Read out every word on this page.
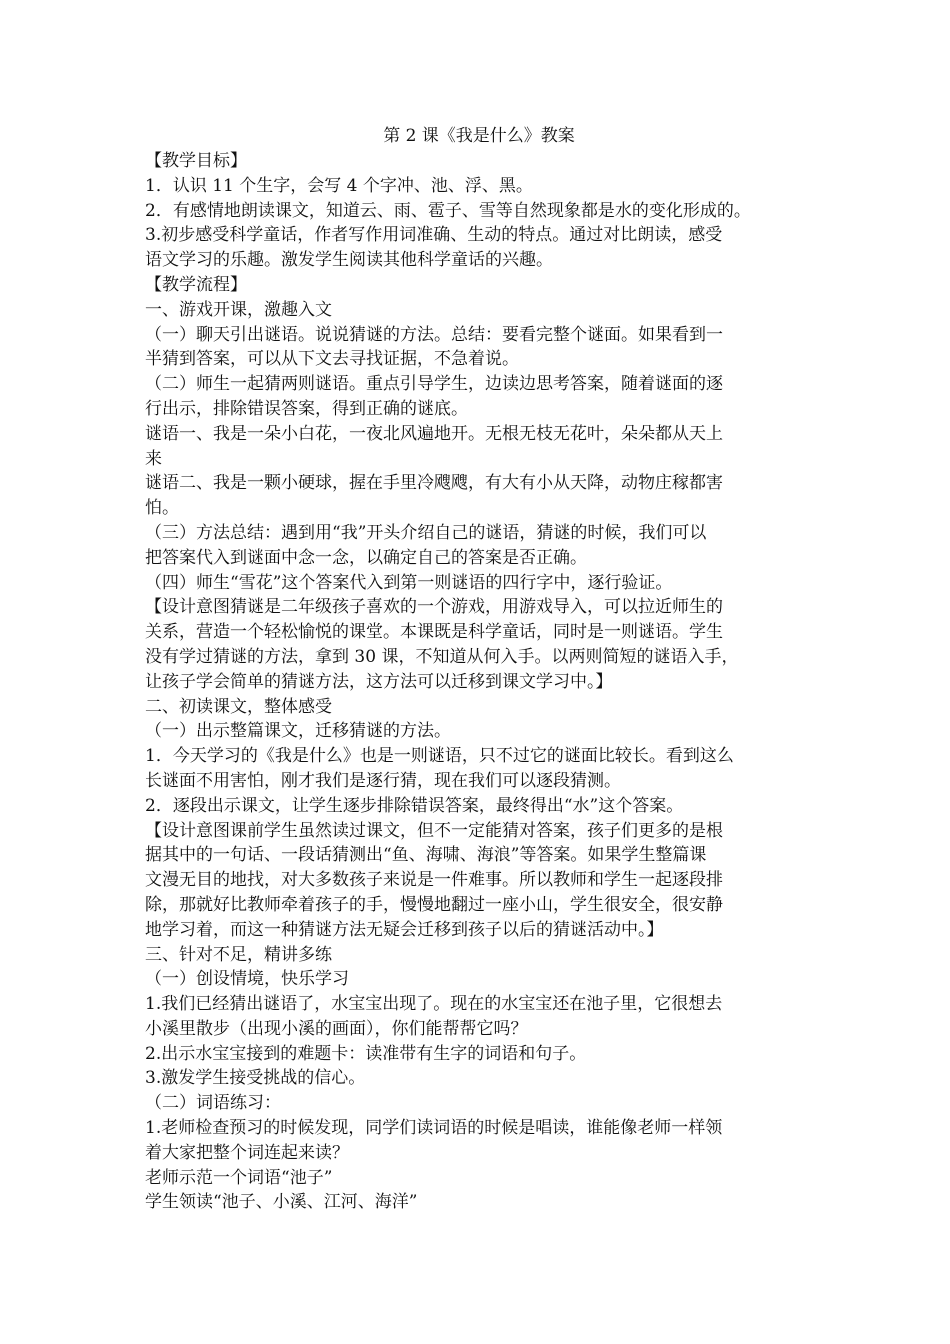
第 2 课《我是什么》教案

【教学目标】

1．认识 11 个生字，会写 4 个字冲、池、浮、黑。

2．有感情地朗读课文，知道云、雨、雹子、雪等自然现象都是水的变化形成的。

3.初步感受科学童话，作者写作用词准确、生动的特点。通过对比朗读，感受

语文学习的乐趣。激发学生阅读其他科学童话的兴趣。

【教学流程】

一、游戏开课，激趣入文

（一）聊天引出谜语。说说猜谜的方法。总结：要看完整个谜面。如果看到一

半猜到答案，可以从下文去寻找证据，不急着说。

（二）师生一起猜两则谜语。重点引导学生，边读边思考答案，随着谜面的逐

行出示，排除错误答案，得到正确的谜底。

谜语一、我是一朵小白花，一夜北风遍地开。无根无枝无花叶，朵朵都从天上

来

谜语二、我是一颗小硬球，握在手里冷飕飕，有大有小从天降，动物庄稼都害

怕。

（三）方法总结：遇到用“我”开头介绍自己的谜语，猜谜的时候，我们可以

把答案代入到谜面中念一念，以确定自己的答案是否正确。

（四）师生“雪花”这个答案代入到第一则谜语的四行字中，逐行验证。

【设计意图猜谜是二年级孩子喜欢的一个游戏，用游戏导入，可以拉近师生的

关系，营造一个轻松愉悦的课堂。本课既是科学童话，同时是一则谜语。学生

没有学过猜谜的方法，拿到 30 课，不知道从何入手。以两则简短的谜语入手，

让孩子学会简单的猜谜方法，这方法可以迁移到课文学习中。】

二、初读课文，整体感受

（一）出示整篇课文，迁移猜谜的方法。

1．今天学习的《我是什么》也是一则谜语，只不过它的谜面比较长。看到这么

长谜面不用害怕，刚才我们是逐行猜，现在我们可以逐段猜测。

2．逐段出示课文，让学生逐步排除错误答案，最终得出“水”这个答案。

【设计意图课前学生虽然读过课文，但不一定能猜对答案，孩子们更多的是根

据其中的一句话、一段话猜测出“鱼、海啸、海浪”等答案。如果学生整篇课

文漫无目的地找，对大多数孩子来说是一件难事。所以教师和学生一起逐段排

除，那就好比教师牵着孩子的手，慢慢地翻过一座小山，学生很安全，很安静

地学习着，而这一种猜谜方法无疑会迁移到孩子以后的猜谜活动中。】

三、针对不足，精讲多练

（一）创设情境，快乐学习

1.我们已经猜出谜语了，水宝宝出现了。现在的水宝宝还在池子里，它很想去

小溪里散步（出现小溪的画面），你们能帮帮它吗？

2.出示水宝宝接到的难题卡：读准带有生字的词语和句子。

3.激发学生接受挑战的信心。

（二）词语练习：

1.老师检查预习的时候发现，同学们读词语的时候是唱读，谁能像老师一样领

着大家把整个词连起来读？

老师示范一个词语“池子”

学生领读“池子、小溪、江河、海洋”
